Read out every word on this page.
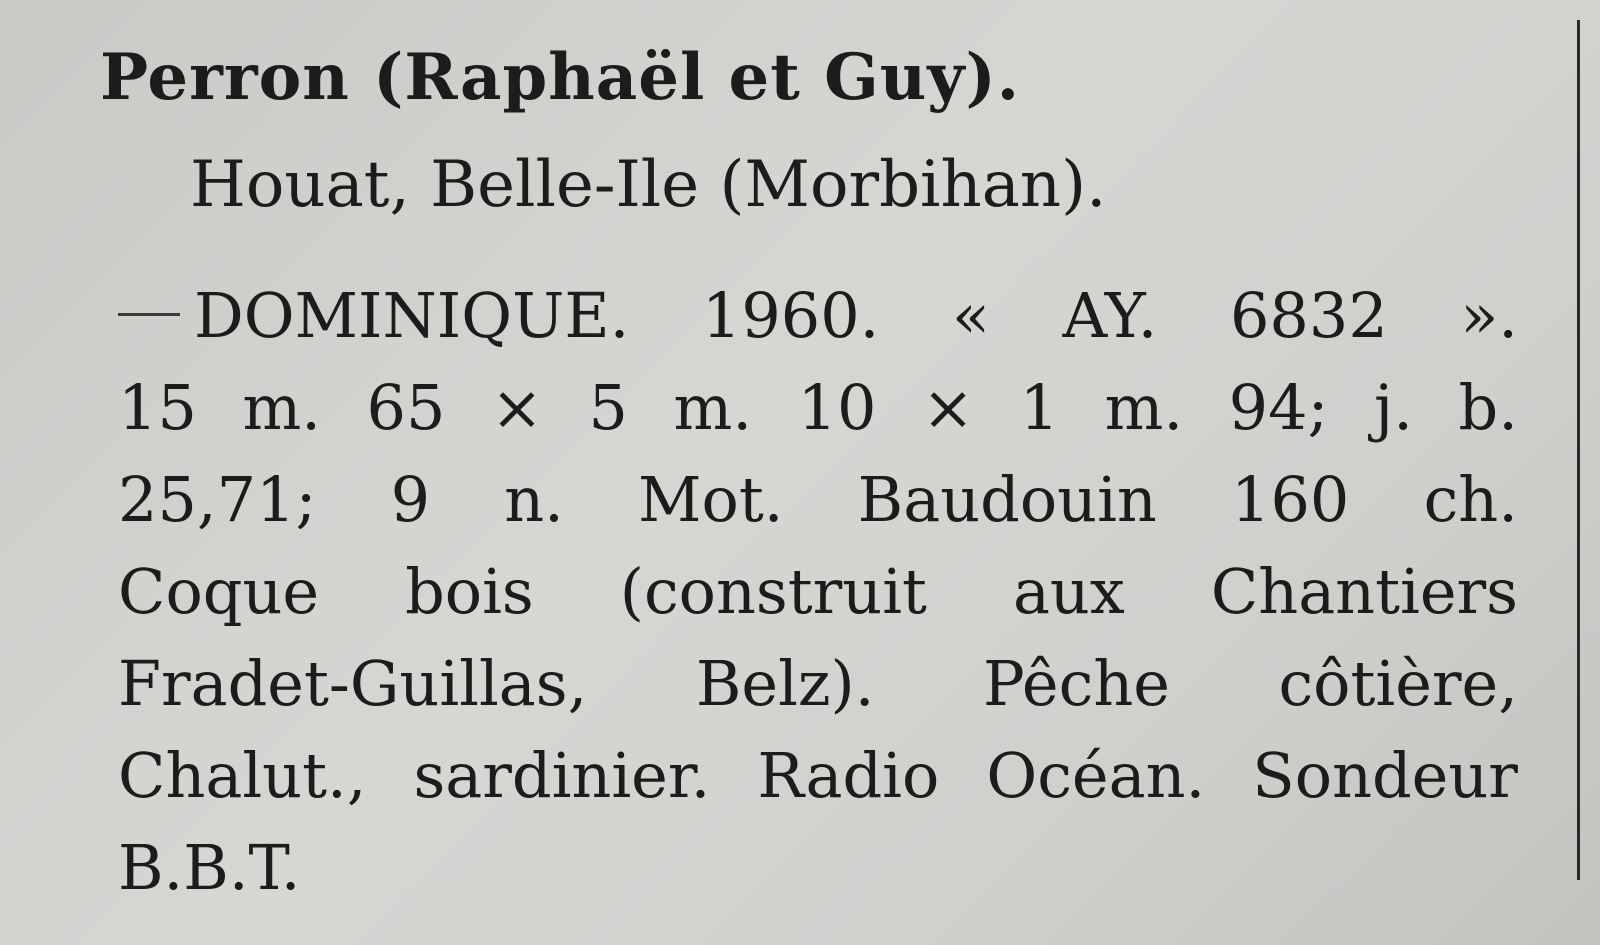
Perron (Raphaël et Guy).
Houat, Belle-Ile (Morbihan).
DOMINIQUE. 1960. « AY. 6832 ».
15 m. 65 × 5 m. 10 × 1 m. 94; j. b.
25,71; 9 n. Mot. Baudouin 160 ch.
Coque bois (construit aux Chantiers
Fradet-Guillas, Belz). Pêche côtière,
Chalut., sardinier. Radio Océan. Sondeur
B.B.T.
